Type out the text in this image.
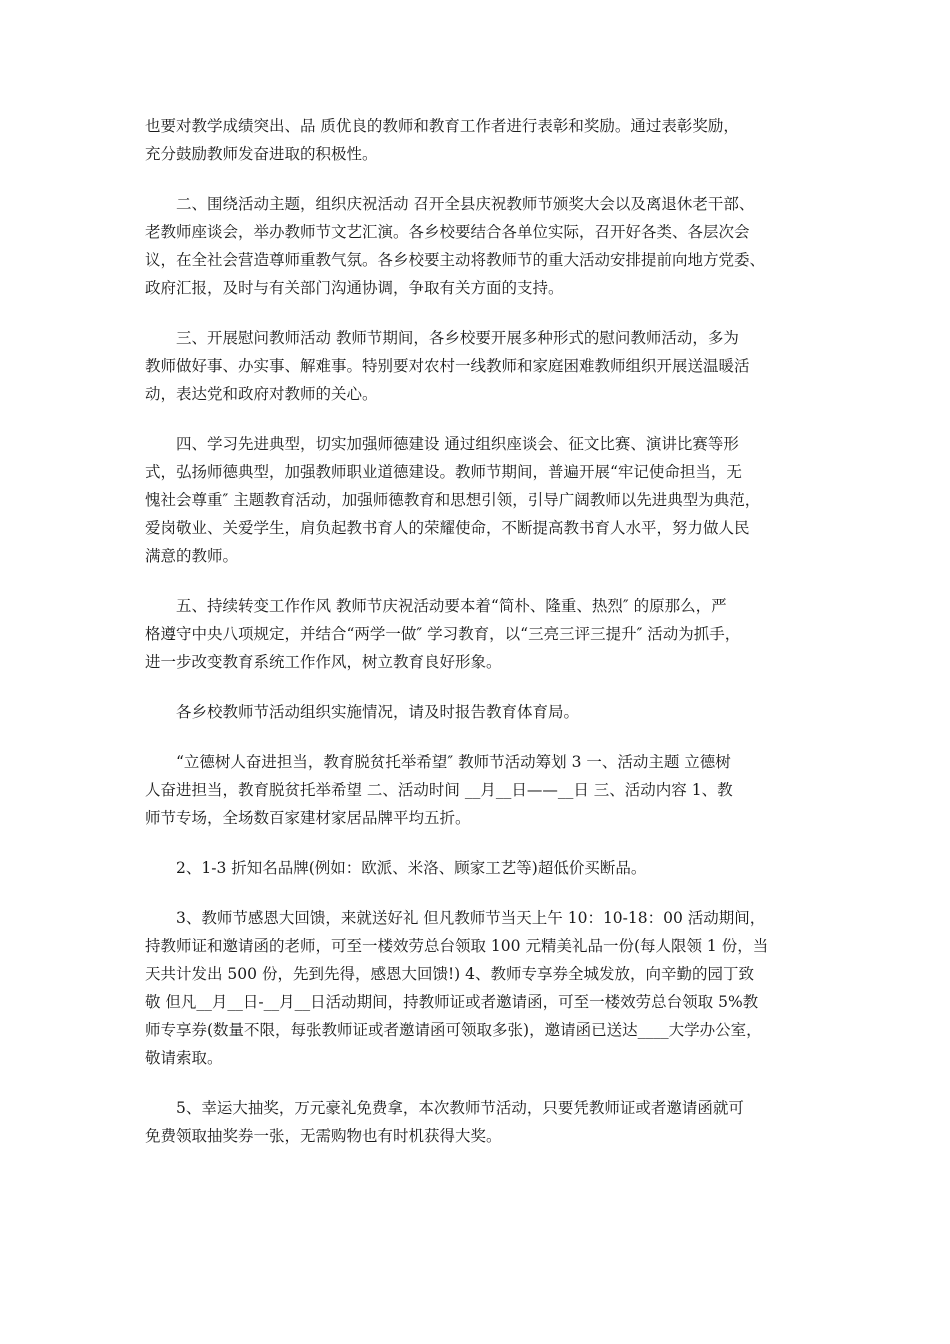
也要对教学成绩突出、品 质优良的教师和教育工作者进行表彰和奖励。通过表彰奖励，
充分鼓励教师发奋进取的积极性。
二、围绕活动主题，组织庆祝活动 召开全县庆祝教师节颁奖大会以及离退休老干部、
老教师座谈会，举办教师节文艺汇演。各乡校要结合各单位实际，召开好各类、各层次会
议，在全社会营造尊师重教气氛。各乡校要主动将教师节的重大活动安排提前向地方党委、
政府汇报，及时与有关部门沟通协调，争取有关方面的支持。
三、开展慰问教师活动 教师节期间，各乡校要开展多种形式的慰问教师活动，多为
教师做好事、办实事、解难事。特别要对农村一线教师和家庭困难教师组织开展送温暖活
动，表达党和政府对教师的关心。
四、学习先进典型，切实加强师德建设 通过组织座谈会、征文比赛、演讲比赛等形
式，弘扬师德典型，加强教师职业道德建设。教师节期间，普遍开展“牢记使命担当，无
愧社会尊重″ 主题教育活动，加强师德教育和思想引领，引导广阔教师以先进典型为典范，
爱岗敬业、关爱学生，肩负起教书育人的荣耀使命，不断提高教书育人水平，努力做人民
满意的教师。
五、持续转变工作作风 教师节庆祝活动要本着“简朴、隆重、热烈″ 的原那么，严
格遵守中央八项规定，并结合“两学一做″ 学习教育，以“三亮三评三提升″ 活动为抓手，
进一步改变教育系统工作作风，树立教育良好形象。
各乡校教师节活动组织实施情况，请及时报告教育体育局。
“立德树人奋进担当，教育脱贫托举希望″ 教师节活动筹划 3 一、活动主题 立德树
人奋进担当，教育脱贫托举希望 二、活动时间 __月__日——__日 三、活动内容 1、教
师节专场，全场数百家建材家居品牌平均五折。
2、1-3 折知名品牌(例如：欧派、米洛、顾家工艺等)超低价买断品。
3、教师节感恩大回馈，来就送好礼 但凡教师节当天上午 10：10-18：00 活动期间，
持教师证和邀请函的老师，可至一楼效劳总台领取 100 元精美礼品一份(每人限领 1 份，当
天共计发出 500 份，先到先得，感恩大回馈!) 4、教师专享券全城发放，向辛勤的园丁致
敬 但凡__月__日-__月__日活动期间，持教师证或者邀请函，可至一楼效劳总台领取 5%教
师专享券(数量不限，每张教师证或者邀请函可领取多张)，邀请函已送达____大学办公室，
敬请索取。
5、幸运大抽奖，万元豪礼免费拿，本次教师节活动，只要凭教师证或者邀请函就可
免费领取抽奖券一张，无需购物也有时机获得大奖。
